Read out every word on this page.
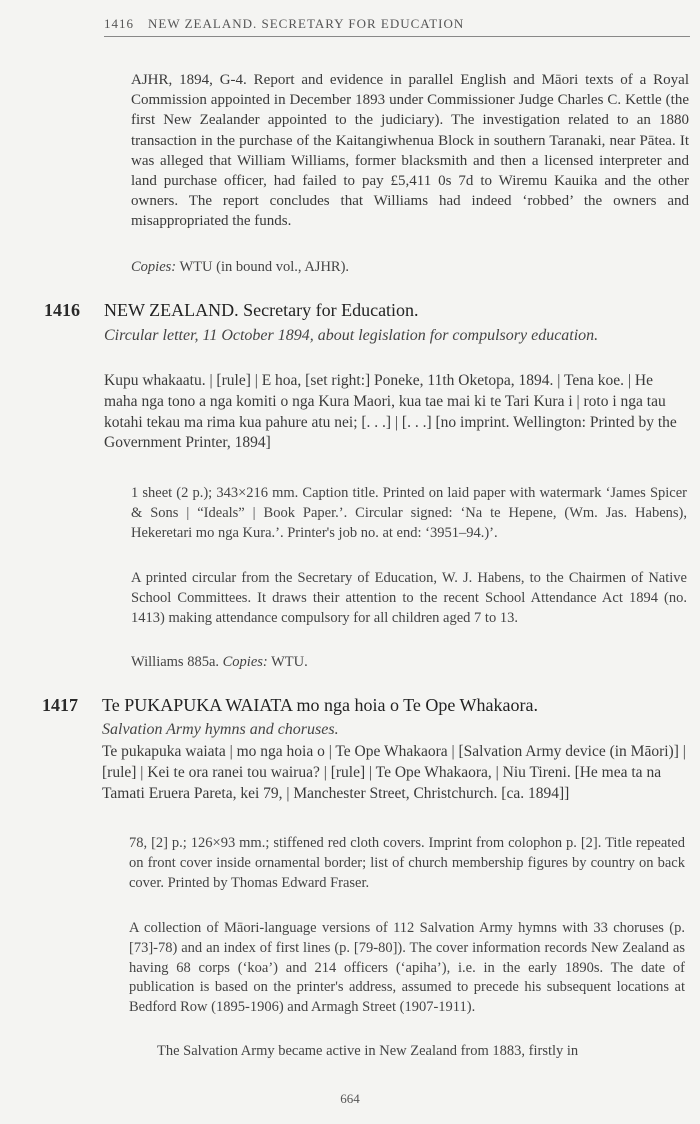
1416 NEW ZEALAND. SECRETARY FOR EDUCATION
AJHR, 1894, G-4. Report and evidence in parallel English and Māori texts of a Royal Commission appointed in December 1893 under Commissioner Judge Charles C. Kettle (the first New Zealander appointed to the judiciary). The investigation related to an 1880 transaction in the purchase of the Kaitangiwhenua Block in southern Taranaki, near Pātea. It was alleged that William Williams, former blacksmith and then a licensed interpreter and land purchase officer, had failed to pay £5,411 0s 7d to Wiremu Kauika and the other owners. The report concludes that Williams had indeed ‘robbed’ the owners and misappropriated the funds.
Copies: WTU (in bound vol., AJHR).
1416 NEW ZEALAND. Secretary for Education.
Circular letter, 11 October 1894, about legislation for compulsory education.
Kupu whakaatu. | [rule] | E hoa, [set right:] Poneke, 11th Oketopa, 1894. | Tena koe. | He maha nga tono a nga komiti o nga Kura Maori, kua tae mai ki te Tari Kura i | roto i nga tau kotahi tekau ma rima kua pahure atu nei; [. . .] | [. . .] [no imprint. Wellington: Printed by the Government Printer, 1894]
1 sheet (2 p.); 343×216 mm. Caption title. Printed on laid paper with watermark ‘James Spicer & Sons | “Ideals” | Book Paper.’. Circular signed: ‘Na te Hepene, (Wm. Jas. Habens), Hekeretari mo nga Kura.’. Printer's job no. at end: ‘3951–94.)’.
A printed circular from the Secretary of Education, W. J. Habens, to the Chairmen of Native School Committees. It draws their attention to the recent School Attendance Act 1894 (no. 1413) making attendance compulsory for all children aged 7 to 13.
Williams 885a. Copies: WTU.
1417 Te PUKAPUKA WAIATA mo nga hoia o Te Ope Whakaora.
Salvation Army hymns and choruses.
Te pukapuka waiata | mo nga hoia o | Te Ope Whakaora | [Salvation Army device (in Māori)] | [rule] | Kei te ora ranei tou wairua? | [rule] | Te Ope Whakaora, | Niu Tireni. [He mea ta na Tamati Eruera Pareta, kei 79, | Manchester Street, Christchurch. [ca. 1894]]
78, [2] p.; 126×93 mm.; stiffened red cloth covers. Imprint from colophon p. [2]. Title repeated on front cover inside ornamental border; list of church membership figures by country on back cover. Printed by Thomas Edward Fraser.
A collection of Māori-language versions of 112 Salvation Army hymns with 33 choruses (p. [73]-78) and an index of first lines (p. [79-80]). The cover information records New Zealand as having 68 corps (‘koa’) and 214 officers (‘apiha’), i.e. in the early 1890s. The date of publication is based on the printer's address, assumed to precede his subsequent locations at Bedford Row (1895-1906) and Armagh Street (1907-1911).
The Salvation Army became active in New Zealand from 1883, firstly in
664
